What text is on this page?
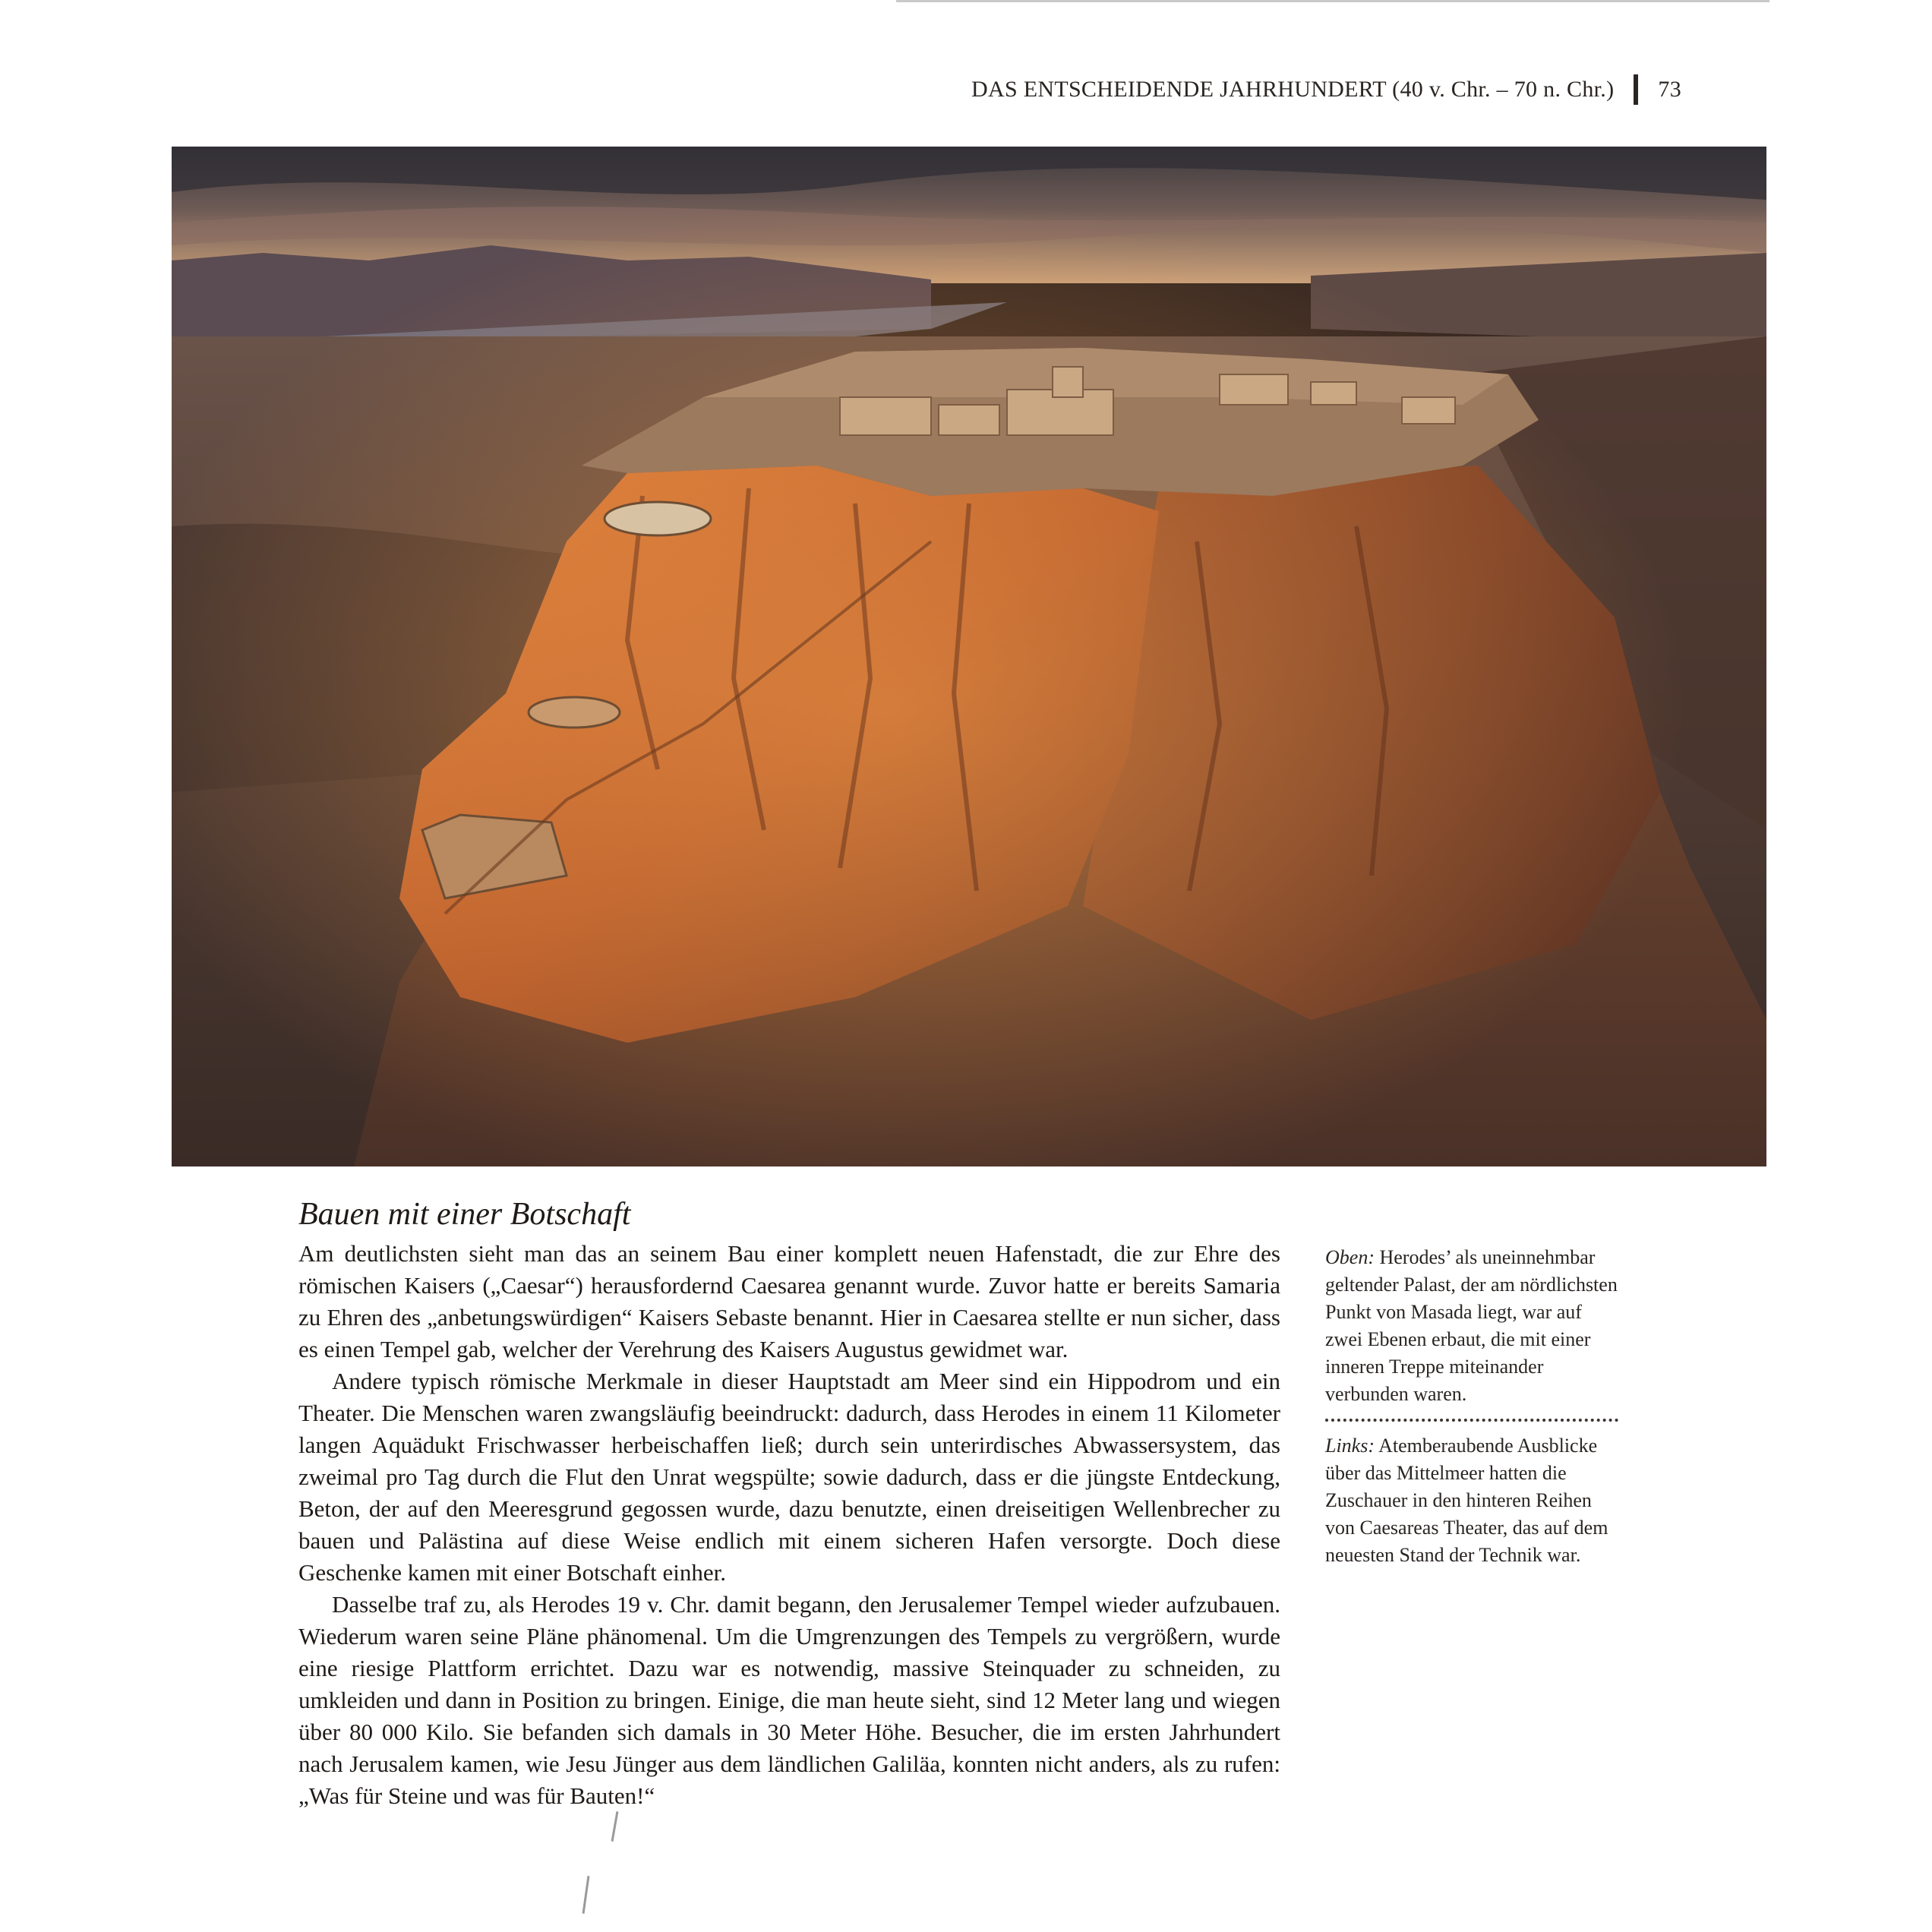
DAS ENTSCHEIDENDE JAHRHUNDERT (40 v. Chr. – 70 n. Chr.) 73
Bauen mit einer Botschaft

Am deutlichsten sieht man das an seinem Bau einer komplett neuen Hafenstadt, die zur Ehre des römischen Kaisers („Caesar“) herausfordernd Caesarea genannt wurde. Zuvor hatte er bereits Samaria zu Ehren des „anbetungswürdigen“ Kaisers Sebaste benannt. Hier in Caesarea stellte er nun sicher, dass es einen Tempel gab, welcher der Verehrung des Kaisers Augustus gewidmet war.

Andere typisch römische Merkmale in dieser Hauptstadt am Meer sind ein Hippodrom und ein Theater. Die Menschen waren zwangsläufig beeindruckt: dadurch, dass Herodes in einem 11 Kilometer langen Aquädukt Frischwasser herbeischaffen ließ; durch sein unterirdisches Abwassersystem, das zweimal pro Tag durch die Flut den Unrat wegspülte; sowie dadurch, dass er die jüngste Entdeckung, Beton, der auf den Meeresgrund gegossen wurde, dazu benutzte, einen dreiseitigen Wellenbrecher zu bauen und Palästina auf diese Weise endlich mit einem sicheren Hafen versorgte. Doch diese Geschenke kamen mit einer Botschaft einher.

Dasselbe traf zu, als Herodes 19 v. Chr. damit begann, den Jerusalemer Tempel wieder aufzubauen. Wiederum waren seine Pläne phänomenal. Um die Umgrenzungen des Tempels zu vergrößern, wurde eine riesige Plattform errichtet. Dazu war es notwendig, massive Steinquader zu schneiden, zu umkleiden und dann in Position zu bringen. Einige, die man heute sieht, sind 12 Meter lang und wiegen über 80 000 Kilo. Sie befanden sich damals in 30 Meter Höhe. Besucher, die im ersten Jahrhundert nach Jerusalem kamen, wie Jesu Jünger aus dem ländlichen Galiläa, konnten nicht anders, als zu rufen: „Was für Steine und was für Bauten!“

Oben: Herodes’ als uneinnehmbar geltender Palast, der am nördlichsten Punkt von Masada liegt, war auf zwei Ebenen erbaut, die mit einer inneren Treppe miteinander verbunden waren.

Links: Atemberaubende Ausblicke über das Mittelmeer hatten die Zuschauer in den hinteren Reihen von Caesareas Theater, das auf dem neuesten Stand der Technik war.
